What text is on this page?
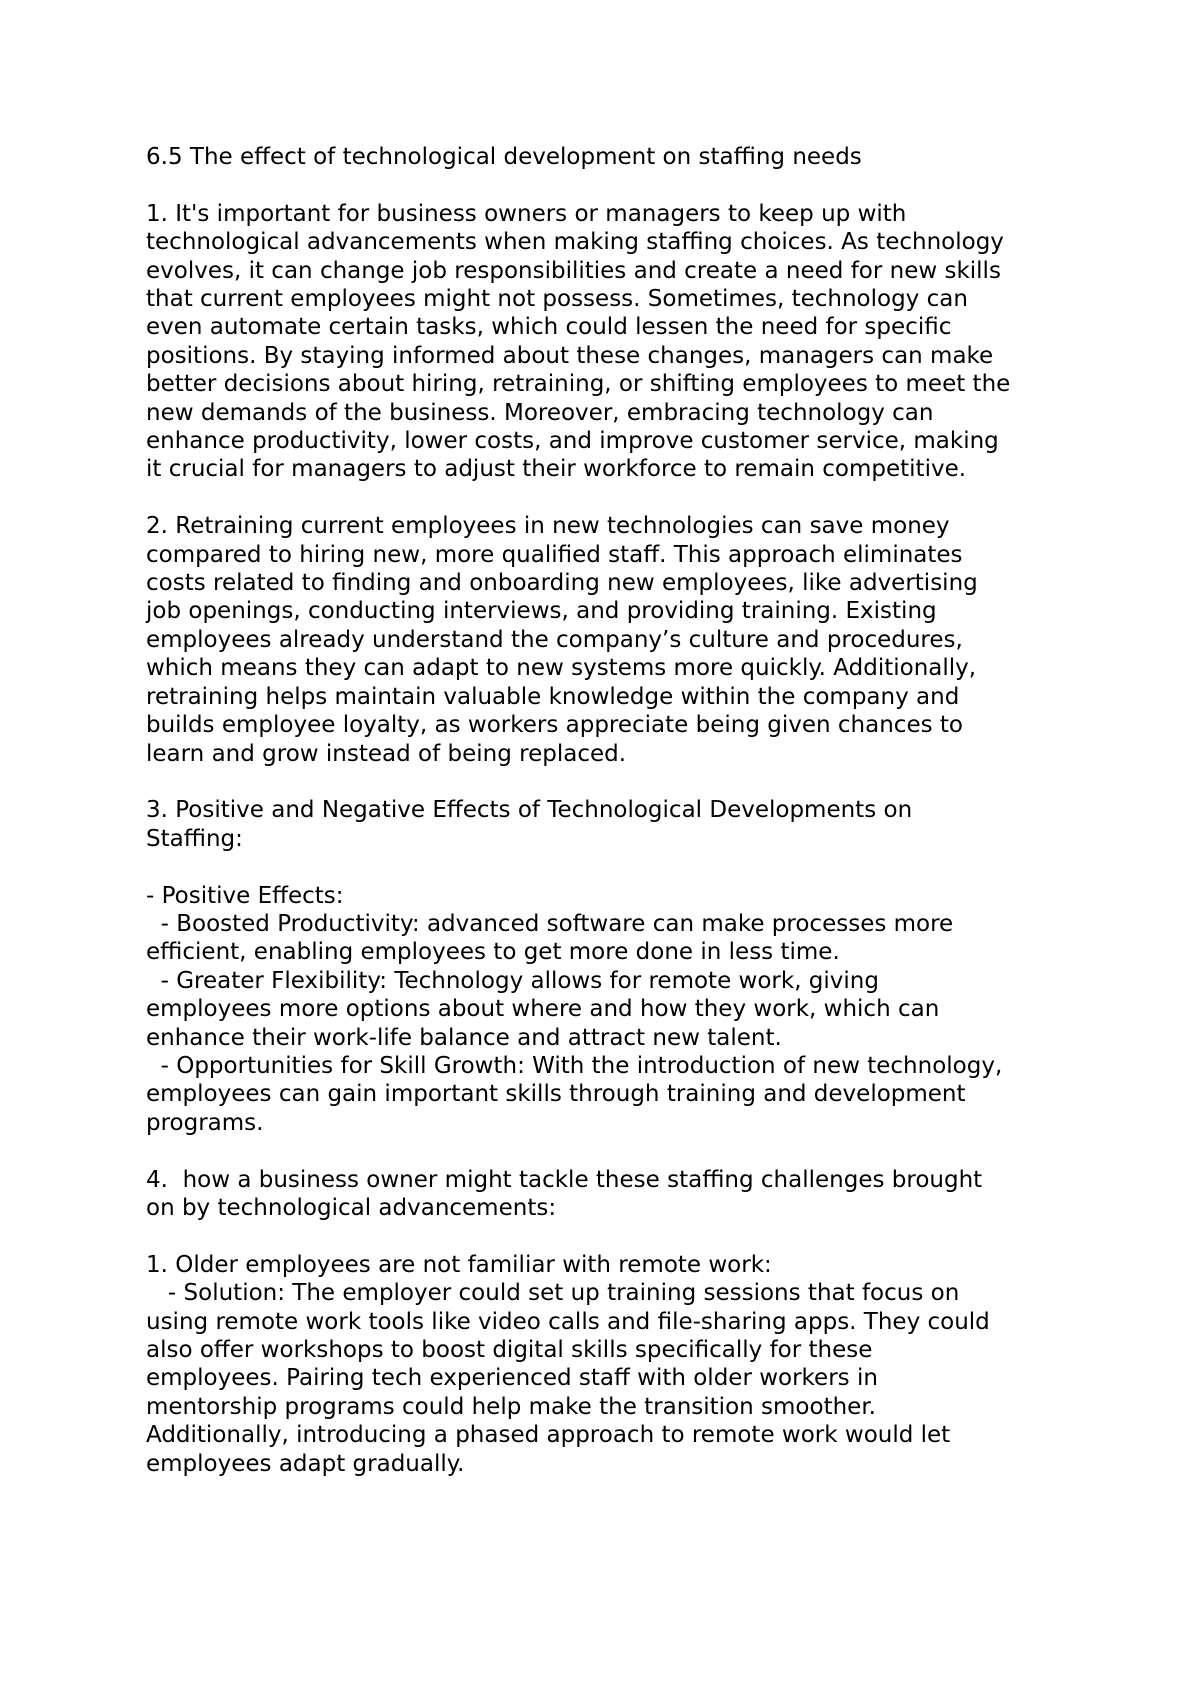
6.5 The effect of technological development on staffing needs

1. It's important for business owners or managers to keep up with
technological advancements when making staffing choices. As technology
evolves, it can change job responsibilities and create a need for new skills
that current employees might not possess. Sometimes, technology can
even automate certain tasks, which could lessen the need for specific
positions. By staying informed about these changes, managers can make
better decisions about hiring, retraining, or shifting employees to meet the
new demands of the business. Moreover, embracing technology can
enhance productivity, lower costs, and improve customer service, making
it crucial for managers to adjust their workforce to remain competitive.

2. Retraining current employees in new technologies can save money
compared to hiring new, more qualified staff. This approach eliminates
costs related to finding and onboarding new employees, like advertising
job openings, conducting interviews, and providing training. Existing
employees already understand the company’s culture and procedures,
which means they can adapt to new systems more quickly. Additionally,
retraining helps maintain valuable knowledge within the company and
builds employee loyalty, as workers appreciate being given chances to
learn and grow instead of being replaced.

3. Positive and Negative Effects of Technological Developments on
Staffing:

- Positive Effects:
- Boosted Productivity: advanced software can make processes more
efficient, enabling employees to get more done in less time.
- Greater Flexibility: Technology allows for remote work, giving
employees more options about where and how they work, which can
enhance their work-life balance and attract new talent.
- Opportunities for Skill Growth: With the introduction of new technology,
employees can gain important skills through training and development
programs.

4.  how a business owner might tackle these staffing challenges brought
on by technological advancements:

1. Older employees are not familiar with remote work:
- Solution: The employer could set up training sessions that focus on
using remote work tools like video calls and file-sharing apps. They could
also offer workshops to boost digital skills specifically for these
employees. Pairing tech experienced staff with older workers in
mentorship programs could help make the transition smoother.
Additionally, introducing a phased approach to remote work would let
employees adapt gradually.
